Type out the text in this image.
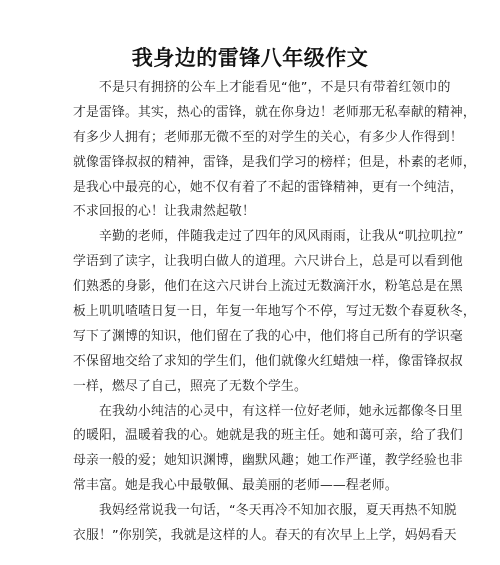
我身边的雷锋八年级作文
不是只有拥挤的公车上才能看见“他”，不是只有带着红领巾的
才是雷锋。其实，热心的雷锋，就在你身边！老师那无私奉献的精神，
有多少人拥有；老师那无微不至的对学生的关心，有多少人作得到！
就像雷锋叔叔的精神，雷锋，是我们学习的榜样；但是，朴素的老师，
是我心中最亮的心，她不仅有着了不起的雷锋精神，更有一个纯洁，
不求回报的心！让我肃然起敬！
辛勤的老师，伴随我走过了四年的风风雨雨，让我从“叽拉叽拉”
学语到了读字，让我明白做人的道理。六尺讲台上，总是可以看到他
们熟悉的身影，他们在这六尺讲台上流过无数滴汗水，粉笔总是在黑
板上叽叽喳喳日复一日，年复一年地写个不停，写过无数个春夏秋冬，
写下了渊博的知识，他们留在了我的心中，他们将自己所有的学识毫
不保留地交给了求知的学生们，他们就像火红蜡烛一样，像雷锋叔叔
一样，燃尽了自己，照亮了无数个学生。
在我幼小纯洁的心灵中，有这样一位好老师，她永远都像冬日里
的暖阳，温暖着我的心。她就是我的班主任。她和蔼可亲，给了我们
母亲一般的爱；她知识渊博，幽默风趣；她工作严谨，教学经验也非
常丰富。她是我心中最敬佩、最美丽的老师——程老师。
我妈经常说我一句话，“冬天再冷不知加衣服，夏天再热不知脱
衣服！”你别笑，我就是这样的人。春天的有次早上上学，妈妈看天
